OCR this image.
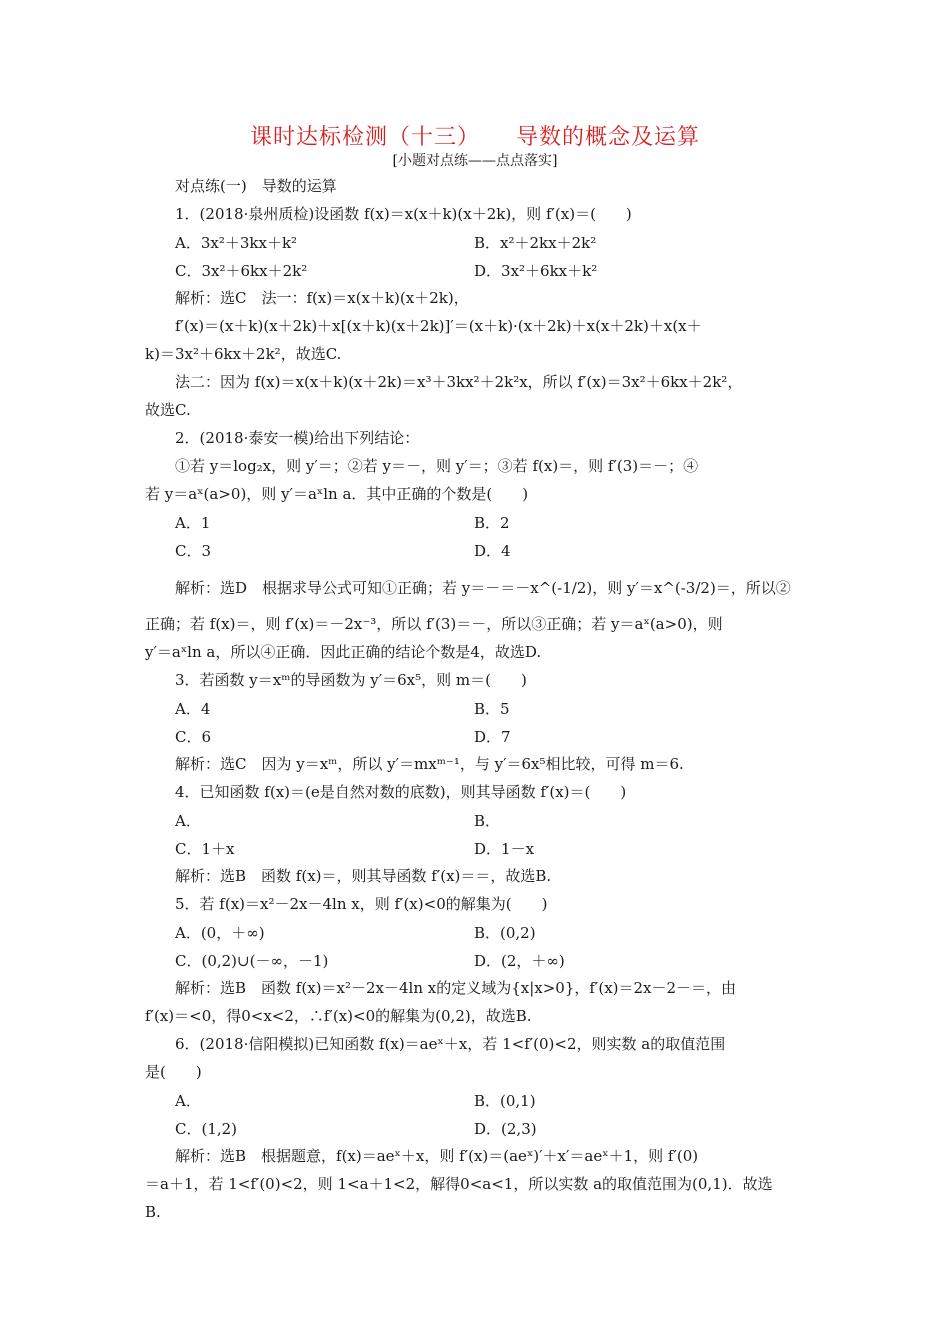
课时达标检测（十三） 导数的概念及运算
[小题对点练——点点落实]
对点练(一)　导数的运算
1．(2018·泉州质检)设函数 f(x)＝x(x＋k)(x＋2k)，则 f′(x)＝(　　)
A．3x²＋3kx＋k²	B．x²＋2kx＋2k²
C．3x²＋6kx＋2k²	D．3x²＋6kx＋k²
解析：选C　法一：f(x)＝x(x＋k)(x＋2k)，
f′(x)＝(x＋k)(x＋2k)＋x[(x＋k)(x＋2k)]′＝(x＋k)·(x＋2k)＋x(x＋2k)＋x(x＋
k)＝3x²＋6kx＋2k²，故选C.
法二：因为 f(x)＝x(x＋k)(x＋2k)＝x³＋3kx²＋2k²x，所以 f′(x)＝3x²＋6kx＋2k²，
故选C.
2．(2018·泰安一模)给出下列结论：
①若 y＝log₂x，则 y′＝；②若 y＝－，则 y′＝；③若 f(x)＝，则 f′(3)＝－；④
若 y＝aˣ(a>0)，则 y′＝aˣln a．其中正确的个数是(　　)
A．1	B．2
C．3	D．4
解析：选D　根据求导公式可知①正确；若 y＝－＝－x^(-1/2)，则 y′＝x^(-3/2)＝，所以②
正确；若 f(x)＝，则 f′(x)＝－2x⁻³，所以 f′(3)＝－，所以③正确；若 y＝aˣ(a>0)，则
y′＝aˣln a，所以④正确．因此正确的结论个数是4，故选D.
3．若函数 y＝xᵐ的导函数为 y′＝6x⁵，则 m＝(　　)
A．4	B．5
C．6	D．7
解析：选C　因为 y＝xᵐ，所以 y′＝mxᵐ⁻¹，与 y′＝6x⁵相比较，可得 m＝6.
4．已知函数 f(x)＝(e是自然对数的底数)，则其导函数 f′(x)＝(　　)
A．	B．
C．1＋x	D．1－x
解析：选B　函数 f(x)＝，则其导函数 f′(x)＝＝，故选B.
5．若 f(x)＝x²－2x－4ln x，则 f′(x)<0的解集为(　　)
A．(0，＋∞)	B．(0,2)
C．(0,2)∪(－∞，－1)	D．(2，＋∞)
解析：选B　函数 f(x)＝x²－2x－4ln x的定义域为{x|x>0}，f′(x)＝2x－2－＝，由
f′(x)＝<0，得0<x<2，∴f′(x)<0的解集为(0,2)，故选B.
6．(2018·信阳模拟)已知函数 f(x)＝aeˣ＋x，若 1<f′(0)<2，则实数 a的取值范围
是(　　)
A．	B．(0,1)
C．(1,2)	D．(2,3)
解析：选B　根据题意，f(x)＝aeˣ＋x，则 f′(x)＝(aeˣ)′＋x′＝aeˣ＋1，则 f′(0)
＝a＋1，若 1<f′(0)<2，则 1<a＋1<2，解得0<a<1，所以实数 a的取值范围为(0,1)．故选
B.
